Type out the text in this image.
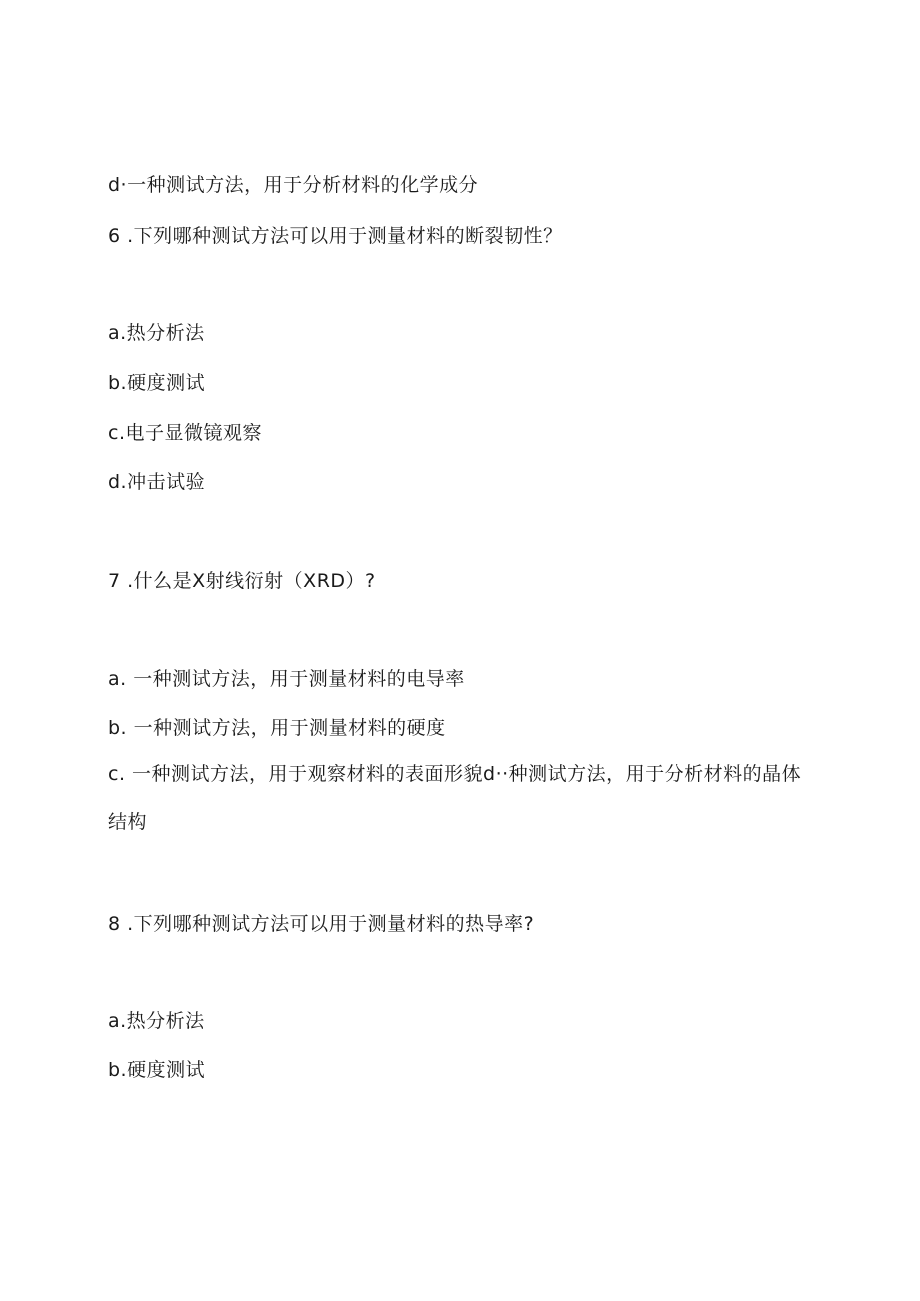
d·一种测试方法，用于分析材料的化学成分
6 .下列哪种测试方法可以用于测量材料的断裂韧性？
a.热分析法
b.硬度测试
c.电子显微镜观察
d.冲击试验
7 .什么是X射线衍射（XRD）?
a. 一种测试方法，用于测量材料的电导率
b. 一种测试方法，用于测量材料的硬度
c. 一种测试方法，用于观察材料的表面形貌d··种测试方法，用于分析材料的晶体结构
8 .下列哪种测试方法可以用于测量材料的热导率?
a.热分析法
b.硬度测试
